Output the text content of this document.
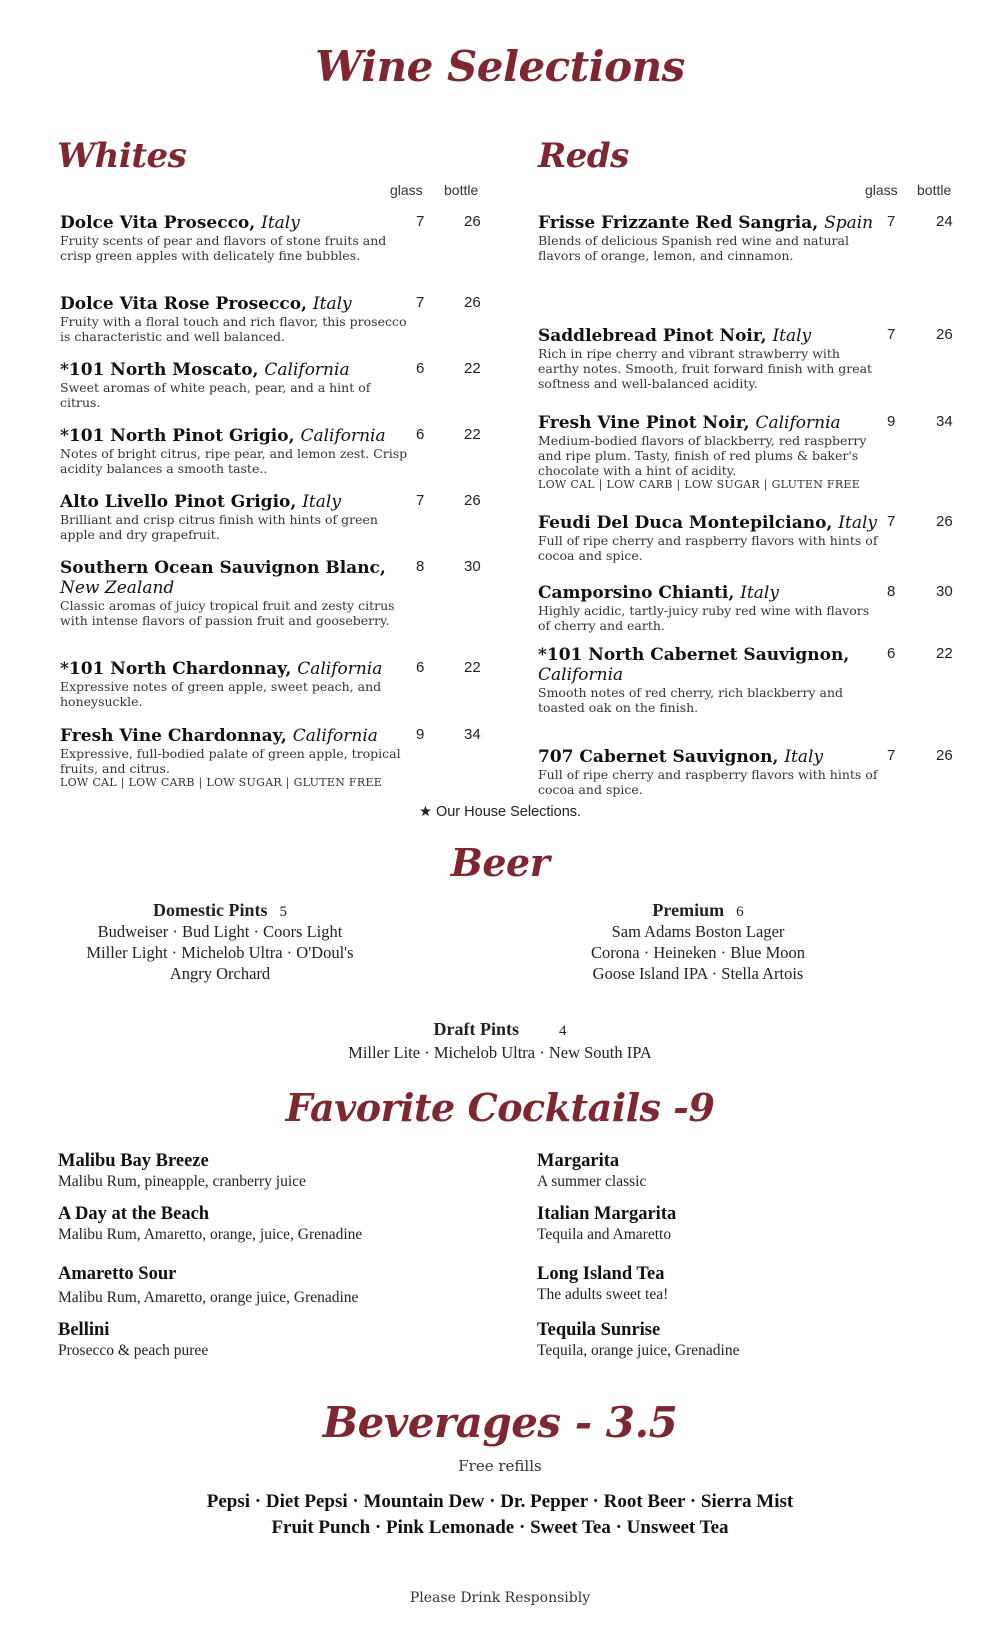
Wine Selections
Whites
glass bottle
Dolce Vita Prosecco, Italy
Fruity scents of pear and flavors of stone fruits and crisp green apples with delicately fine bubbles.
7	26
Dolce Vita Rose Prosecco, Italy
Fruity with a floral touch and rich flavor, this prosecco is characteristic and well balanced.
7	26
*101 North Moscato, California
Sweet aromas of white peach, pear, and a hint of citrus.
6	22
*101 North Pinot Grigio, California
Notes of bright citrus, ripe pear, and lemon zest. Crisp acidity balances a smooth taste..
6	22
Alto Livello Pinot Grigio, Italy
Brilliant and crisp citrus finish with hints of green apple and dry grapefruit.
7	26
Southern Ocean Sauvignon Blanc, New Zealand
Classic aromas of juicy tropical fruit and zesty citrus with intense flavors of passion fruit and gooseberry.
8	30
*101 North Chardonnay, California
Expressive notes of green apple, sweet peach, and honeysuckle.
6	22
Fresh Vine Chardonnay, California
Expressive, full-bodied palate of green apple, tropical fruits, and citrus.
LOW CAL | LOW CARB | LOW SUGAR | GLUTEN FREE
9	34
Reds
glass bottle
Frisse Frizzante Red Sangria, Spain
Blends of delicious Spanish red wine and natural flavors of orange, lemon, and cinnamon.
7	24
Saddlebread Pinot Noir, Italy
Rich in ripe cherry and vibrant strawberry with earthy notes. Smooth, fruit forward finish with great softness and well-balanced acidity.
7	26
Fresh Vine Pinot Noir, California
Medium-bodied flavors of blackberry, red raspberry and ripe plum. Tasty, finish of red plums & baker's chocolate with a hint of acidity.
LOW CAL | LOW CARB | LOW SUGAR | GLUTEN FREE
9	34
Feudi Del Duca Montepilciano, Italy
Full of ripe cherry and raspberry flavors with hints of cocoa and spice.
7	26
Camporsino Chianti, Italy
Highly acidic, tartly-juicy ruby red wine with flavors of cherry and earth.
8	30
*101 North Cabernet Sauvignon, California
Smooth notes of red cherry, rich blackberry and toasted oak on the finish.
6	22
707 Cabernet Sauvignon, Italy
Full of ripe cherry and raspberry flavors with hints of cocoa and spice.
7	26
★ Our House Selections.
Beer
Domestic Pints 5
Budweiser · Bud Light · Coors Light
Miller Light · Michelob Ultra · O'Doul's
Angry Orchard
Premium 6
Sam Adams Boston Lager
Corona · Heineken · Blue Moon
Goose Island IPA · Stella Artois
Draft Pints	4
Miller Lite · Michelob Ultra · New South IPA
Favorite Cocktails -9
Malibu Bay Breeze
Malibu Rum, pineapple, cranberry juice
A Day at the Beach
Malibu Rum, Amaretto, orange, juice, Grenadine
Amaretto Sour
Malibu Rum, Amaretto, orange juice, Grenadine
Bellini
Prosecco & peach puree
Margarita
A summer classic
Italian Margarita
Tequila and Amaretto
Long Island Tea
The adults sweet tea!
Tequila Sunrise
Tequila, orange juice, Grenadine
Beverages - 3.5
Free refills
Pepsi · Diet Pepsi · Mountain Dew · Dr. Pepper · Root Beer · Sierra Mist
Fruit Punch · Pink Lemonade · Sweet Tea · Unsweet Tea
Please Drink Responsibly
